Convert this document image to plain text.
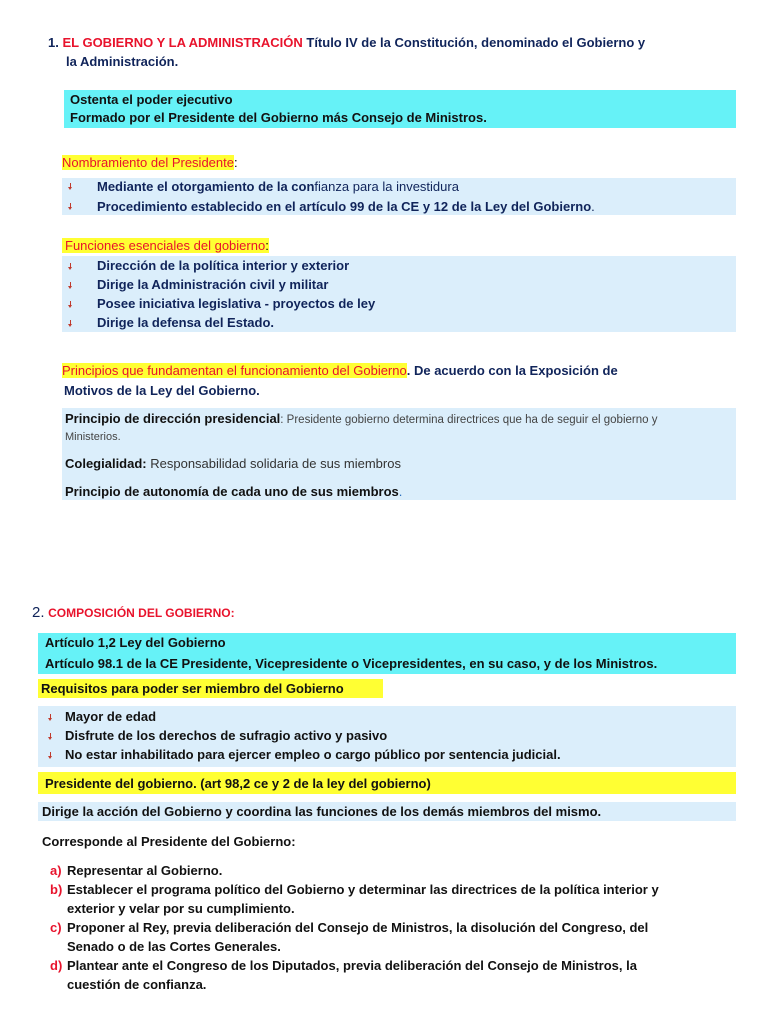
1. EL GOBIERNO Y LA ADMINISTRACIÓN Título IV de la Constitución, denominado el Gobierno y
la Administración.
Ostenta el poder ejecutivo
Formado por el Presidente del Gobierno más Consejo de Ministros.
Nombramiento del Presidente:
Mediante el otorgamiento de la confianza para la investidura
Procedimiento establecido en el artículo 99 de la CE y 12 de la Ley del Gobierno.
Funciones esenciales del gobierno:
Dirección de la política interior y exterior
Dirige la Administración civil y militar
Posee iniciativa legislativa - proyectos de ley
Dirige la defensa del Estado.
Principios que fundamentan el funcionamiento del Gobierno. De acuerdo con la Exposición de
Motivos de la Ley del Gobierno.
Principio de dirección presidencial: Presidente gobierno determina directrices que ha de seguir el gobierno y
Ministerios.
Colegialidad: Responsabilidad solidaria de sus miembros
Principio de autonomía de cada uno de sus miembros.
2. COMPOSICIÓN DEL GOBIERNO:
Artículo 1,2 Ley del Gobierno
Artículo 98.1 de la CE Presidente, Vicepresidente o Vicepresidentes, en su caso, y de los Ministros.
Requisitos para poder ser miembro del Gobierno
Mayor de edad
Disfrute de los derechos de sufragio activo y pasivo
No estar inhabilitado para ejercer empleo o cargo público por sentencia judicial.
Presidente del gobierno. (art 98,2 ce y 2 de la ley del gobierno)
Dirige la acción del Gobierno y coordina las funciones de los demás miembros del mismo.
Corresponde al Presidente del Gobierno:
a) Representar al Gobierno.
b) Establecer el programa político del Gobierno y determinar las directrices de la política interior y
exterior y velar por su cumplimiento.
c) Proponer al Rey, previa deliberación del Consejo de Ministros, la disolución del Congreso, del
Senado o de las Cortes Generales.
d) Plantear ante el Congreso de los Diputados, previa deliberación del Consejo de Ministros, la
cuestión de confianza.
